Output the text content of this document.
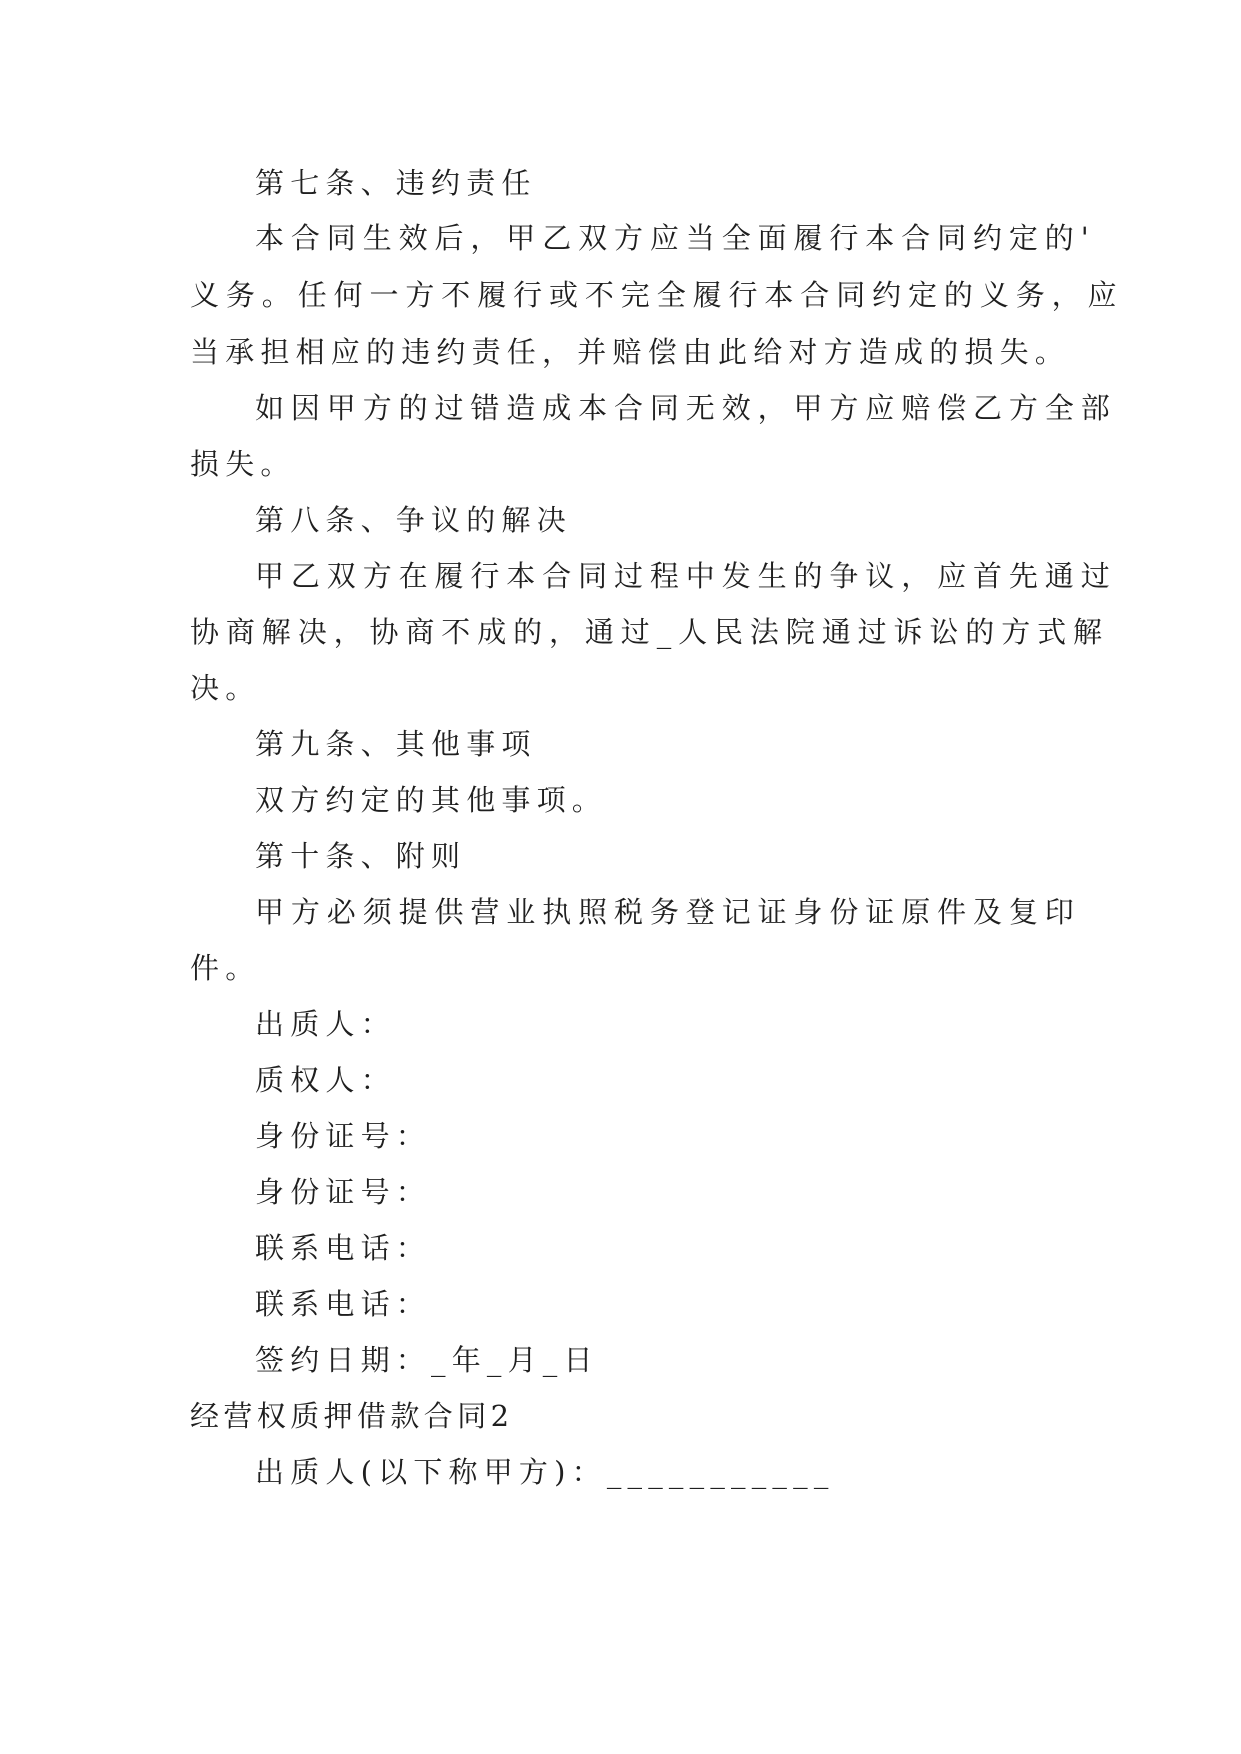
第七条、违约责任
本合同生效后，甲乙双方应当全面履行本合同约定的'
义务。任何一方不履行或不完全履行本合同约定的义务，应
当承担相应的违约责任，并赔偿由此给对方造成的损失。
如因甲方的过错造成本合同无效，甲方应赔偿乙方全部
损失。
第八条、争议的解决
甲乙双方在履行本合同过程中发生的争议，应首先通过
协商解决，协商不成的，通过_人民法院通过诉讼的方式解
决。
第九条、其他事项
双方约定的其他事项。
第十条、附则
甲方必须提供营业执照税务登记证身份证原件及复印
件。
出质人：
质权人：
身份证号：
身份证号：
联系电话：
联系电话：
签约日期：_年_月_日
经营权质押借款合同2
出质人(以下称甲方)：___________
